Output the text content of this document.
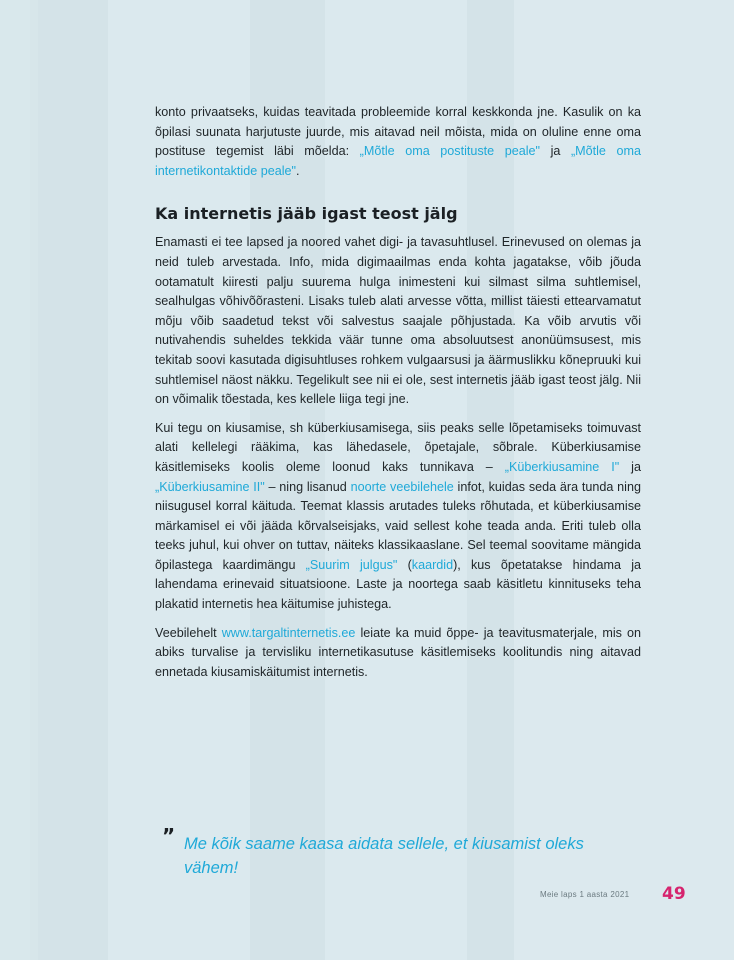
konto privaatseks, kuidas teavitada probleemide korral keskkonda jne. Kasulik on ka õpilasi suunata harjutuste juurde, mis aitavad neil mõista, mida on oluline enne oma postituse tegemist läbi mõelda: „Mõtle oma postituste peale" ja „Mõtle oma internetikontaktide peale".

Ka internetis jääb igast teost jälg

Enamasti ei tee lapsed ja noored vahet digi- ja tavasuhtlusel. Erinevused on olemas ja neid tuleb arvestada. Info, mida digimaailmas enda kohta jagatakse, võib jõuda ootamatult kiiresti palju suurema hulga inimesteni kui silmast silma suhtlemisel, sealhulgas võhivõõrasteni. Lisaks tuleb alati arvesse võtta, millist täiesti ettearvamatut mõju võib saadetud tekst või salvestus saajale põhjustada. Ka võib arvutis või nutivahendis suheldes tekkida väär tunne oma absoluutsest anonüümsusest, mis tekitab soovi kasutada digisuhtluses rohkem vulgaarsusi ja äärmuslikku kõnepruuki kui suhtlemisel näost näkku. Tegelikult see nii ei ole, sest internetis jääb igast teost jälg. Nii on võimalik tõestada, kes kellele liiga tegi jne.

Kui tegu on kiusamise, sh küberkiusamisega, siis peaks selle lõpetamiseks toimuvast alati kellelegi rääkima, kas lähedasele, õpetajale, sõbrale. Küberkiusamise käsitlemiseks koolis oleme loonud kaks tunnikava – „Küberkiusamine I" ja „Küberkiusamine II" – ning lisanud noorte veebilehele infot, kuidas seda ära tunda ning niisugusel korral käituda. Teemat klassis arutades tuleks rõhutada, et küberkiusamise märkamisel ei või jääda kõrvalseisjaks, vaid sellest kohe teada anda. Eriti tuleb olla teeks juhul, kui ohver on tuttav, näiteks klassikaaslane. Sel teemal soovitame mängida õpilastega kaardimängu „Suurim julgus" (kaardid), kus õpetatakse hindama ja lahendama erinevaid situatsioone. Laste ja noortega saab käsitletu kinnituseks teha plakatid internetis hea käitumise juhistega.

Veebilehelt www.targaltinternetis.ee leiate ka muid õppe- ja teavitusmaterjale, mis on abiks turvalise ja tervisliku internetikasutuse käsitlemiseks koolitundis ning aitavad ennetada kiusamiskäitumist internetis.

” Me kõik saame kaasa aidata sellele, et kiusamist oleks vähem!
Meie laps 1 aasta 2021 49
